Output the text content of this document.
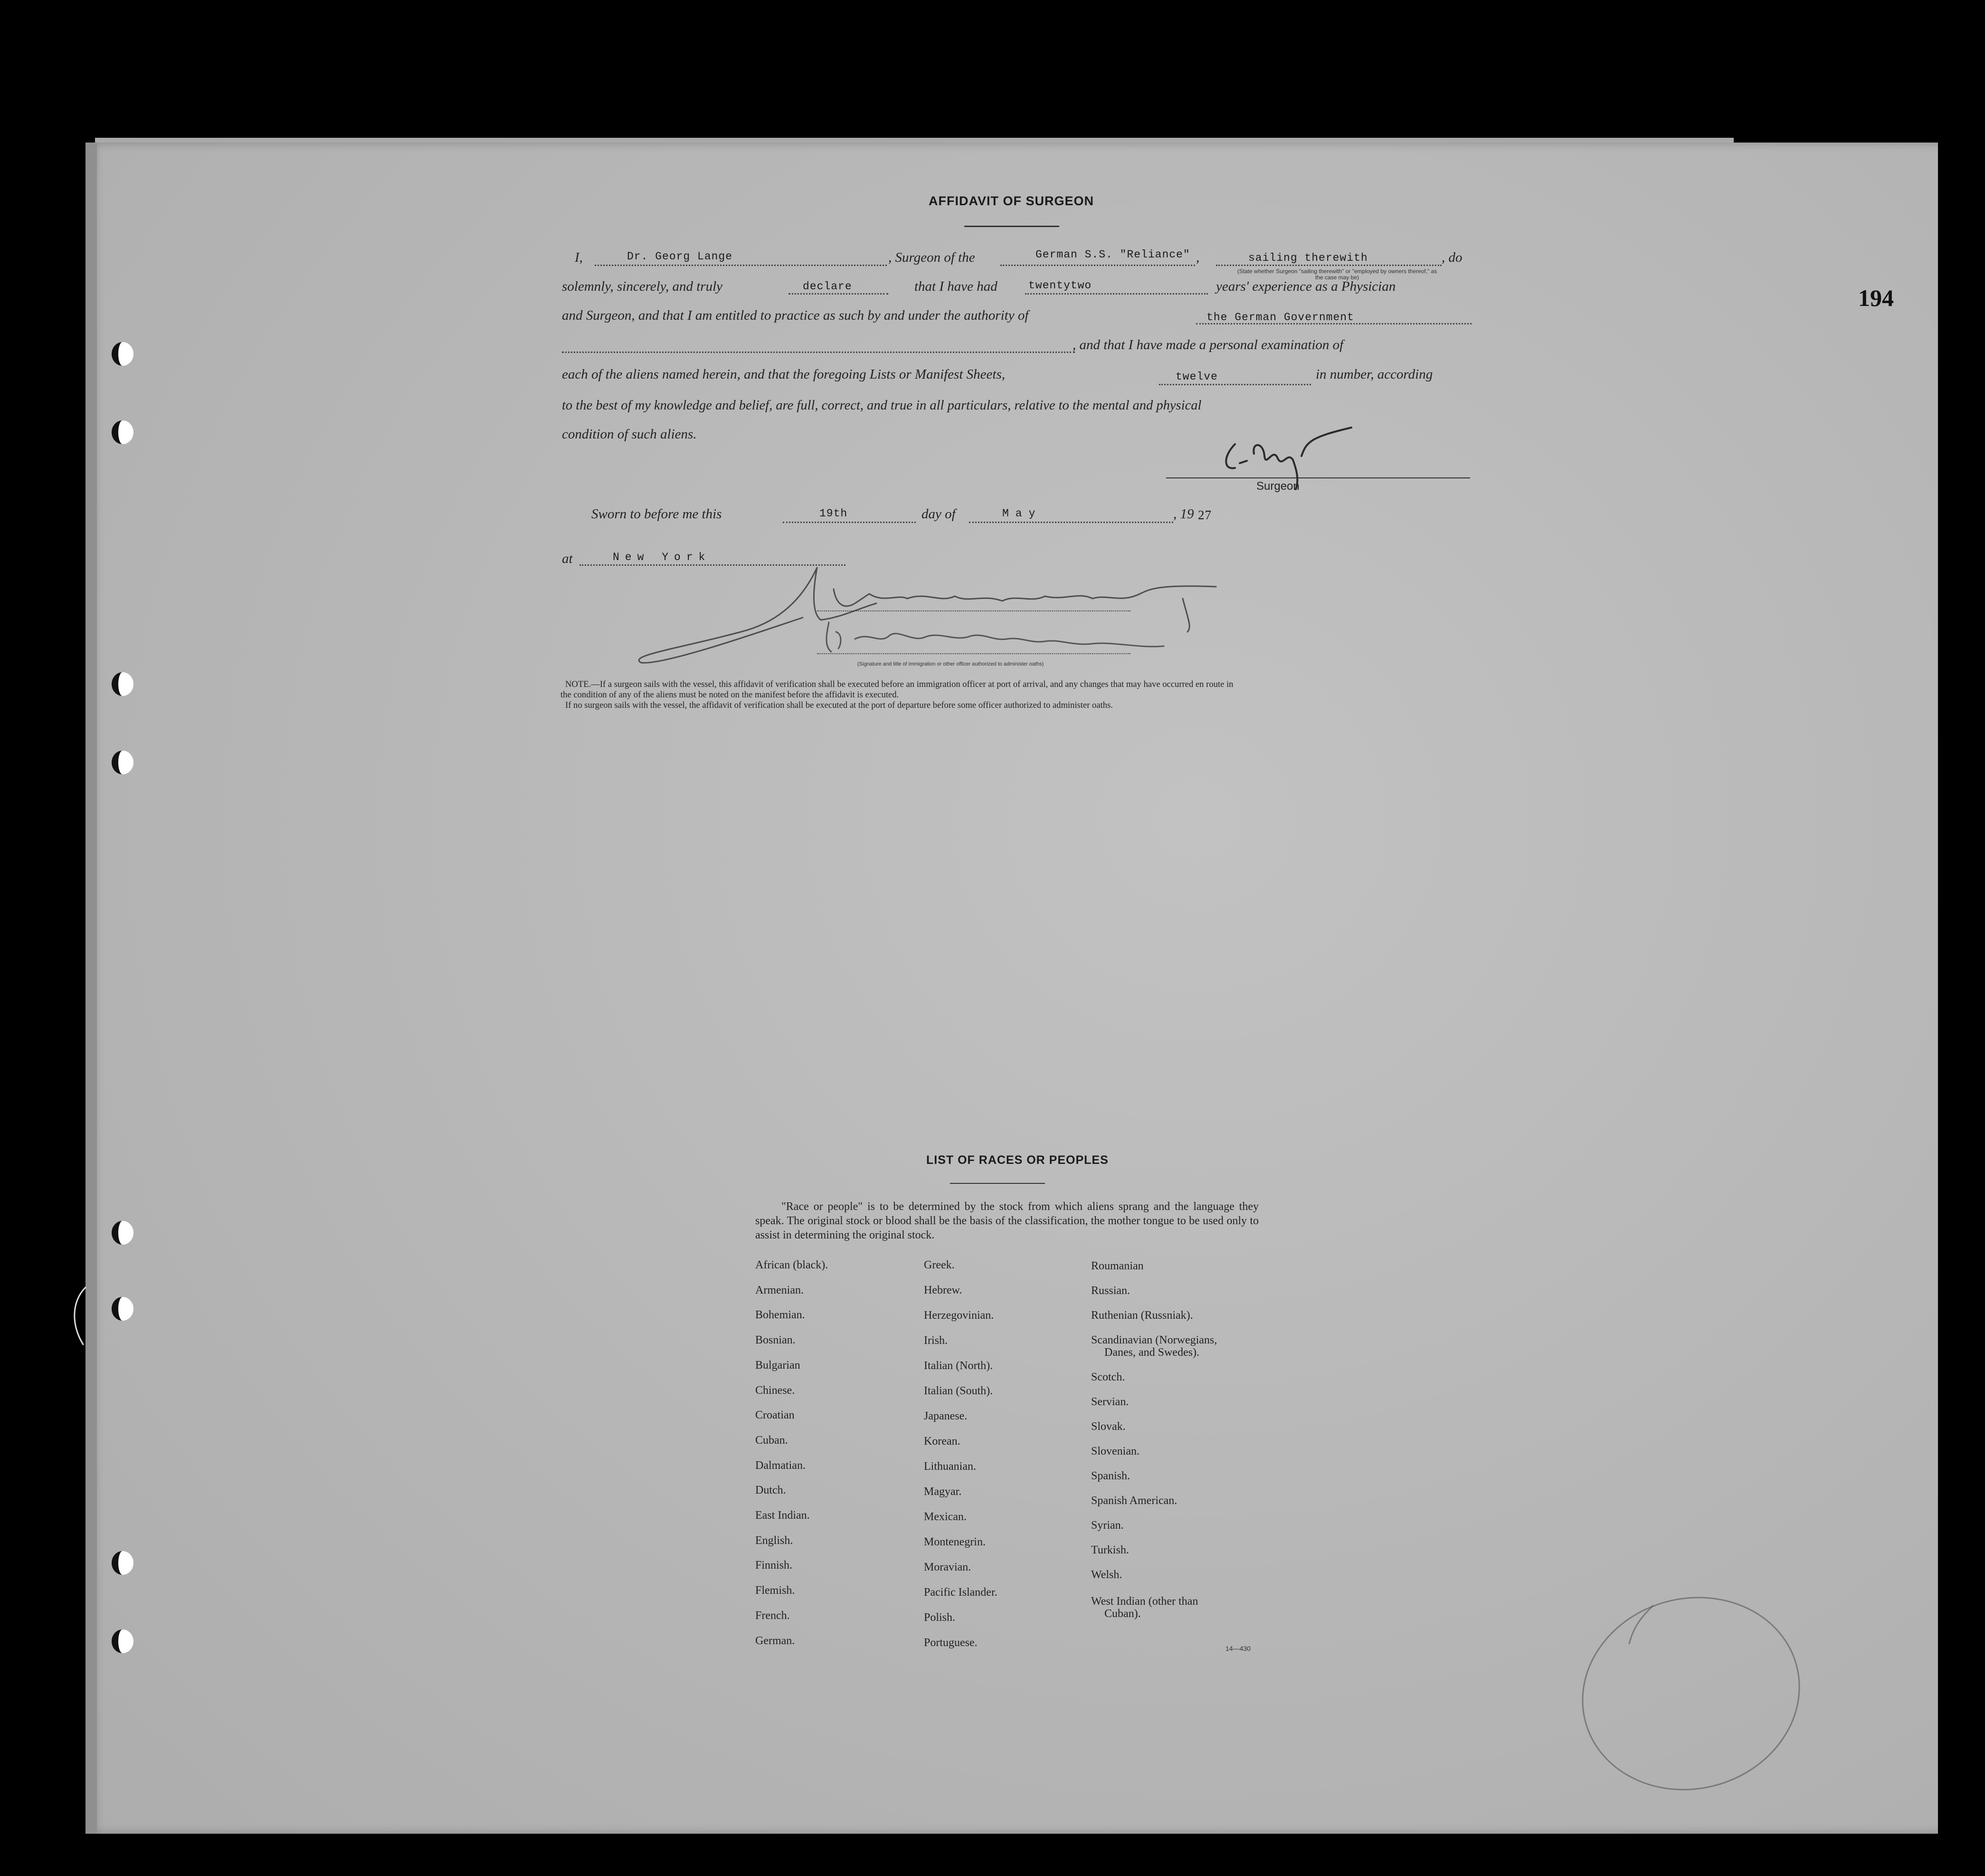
194
AFFIDAVIT OF SURGEON
I,	Dr. Georg Lange	, Surgeon of the	German S.S. "Reliance" ,	sailing therewith	, do
(State whether Surgeon "sailing therewith" or "employed by owners thereof," as the case may be)
solemnly, sincerely, and truly	declare	that I have had	twentytwo	years' experience as a Physician
and Surgeon, and that I am entitled to practice as such by and under the authority of	the German Government
, and that I have made a personal examination of
each of the aliens named herein, and that the foregoing Lists or Manifest Sheets,	twelve	in number, according
to the best of my knowledge and belief, are full, correct, and true in all particulars, relative to the mental and physical
condition of such aliens.
Surgeon
Sworn to before me this	19th	day of	May	, 19 27
at	New York
(Signature and title of immigration or other officer authorized to administer oaths)
NOTE.—If a surgeon sails with the vessel, this affidavit of verification shall be executed before an immigration officer at port of arrival, and any changes that may have occurred en route in
the condition of any of the aliens must be noted on the manifest before the affidavit is executed.
If no surgeon sails with the vessel, the affidavit of verification shall be executed at the port of departure before some officer authorized to administer oaths.
LIST OF RACES OR PEOPLES
"Race or people" is to be determined by the stock from which aliens sprang and the language they speak. The original stock or blood shall be the basis of the classification, the mother tongue to be used only to assist in determining the original stock.
African (black).
Armenian.
Bohemian.
Bosnian.
Bulgarian
Chinese.
Croatian
Cuban.
Dalmatian.
Dutch.
East Indian.
English.
Finnish.
Flemish.
French.
German.
Greek.
Hebrew.
Herzegovinian.
Irish.
Italian (North).
Italian (South).
Japanese.
Korean.
Lithuanian.
Magyar.
Mexican.
Montenegrin.
Moravian.
Pacific Islander.
Polish.
Portuguese.
Roumanian
Russian.
Ruthenian (Russniak).
Scandinavian (Norwegians,
Danes, and Swedes).
Scotch.
Servian.
Slovak.
Slovenian.
Spanish.
Spanish American.
Syrian.
Turkish.
Welsh.
West Indian (other than
Cuban).
14—430
